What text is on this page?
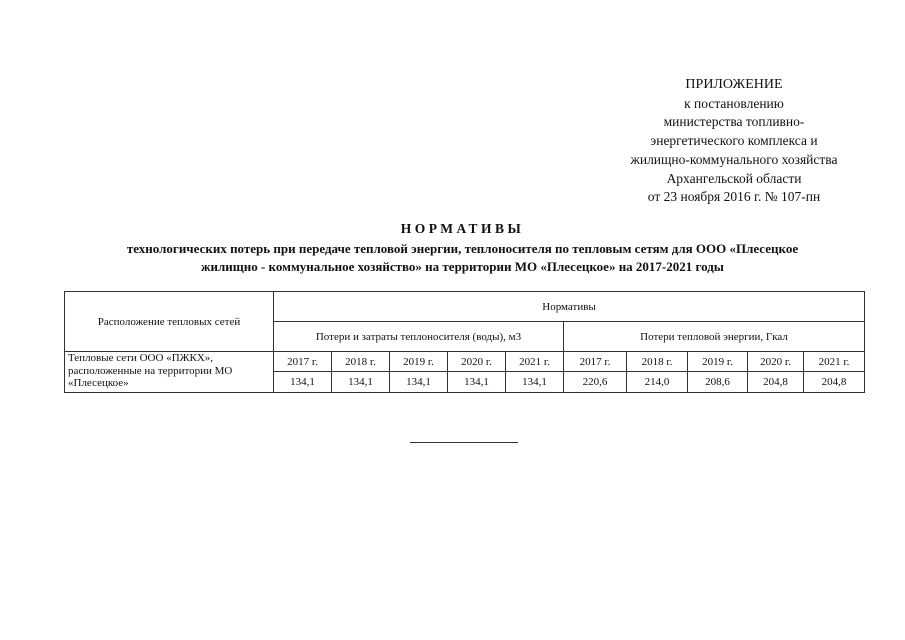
ПРИЛОЖЕНИЕ
к постановлению
министерства топливно-
энергетического комплекса и
жилищно-коммунального хозяйства
Архангельской области
от 23 ноября 2016 г. № 107-пн
НОРМАТИВЫ
технологических потерь при передаче тепловой энергии, теплоносителя по тепловым сетям для ООО «Плесецкое
жилищно - коммунальное хозяйство» на территории МО «Плесецкое» на 2017-2021 годы
Расположение тепловых сетей	Нормативы									
	Потери и затраты теплоносителя (воды), м3					Потери тепловой энергии, Гкал				
Тепловые сети ООО «ПЖКХ», расположенные на территории МО «Плесецкое»	2017 г.	2018 г.	2019 г.	2020 г.	2021 г.	2017 г.	2018 г.	2019 г.	2020 г.	2021 г.
	134,1	134,1	134,1	134,1	134,1	220,6	214,0	208,6	204,8	204,8
